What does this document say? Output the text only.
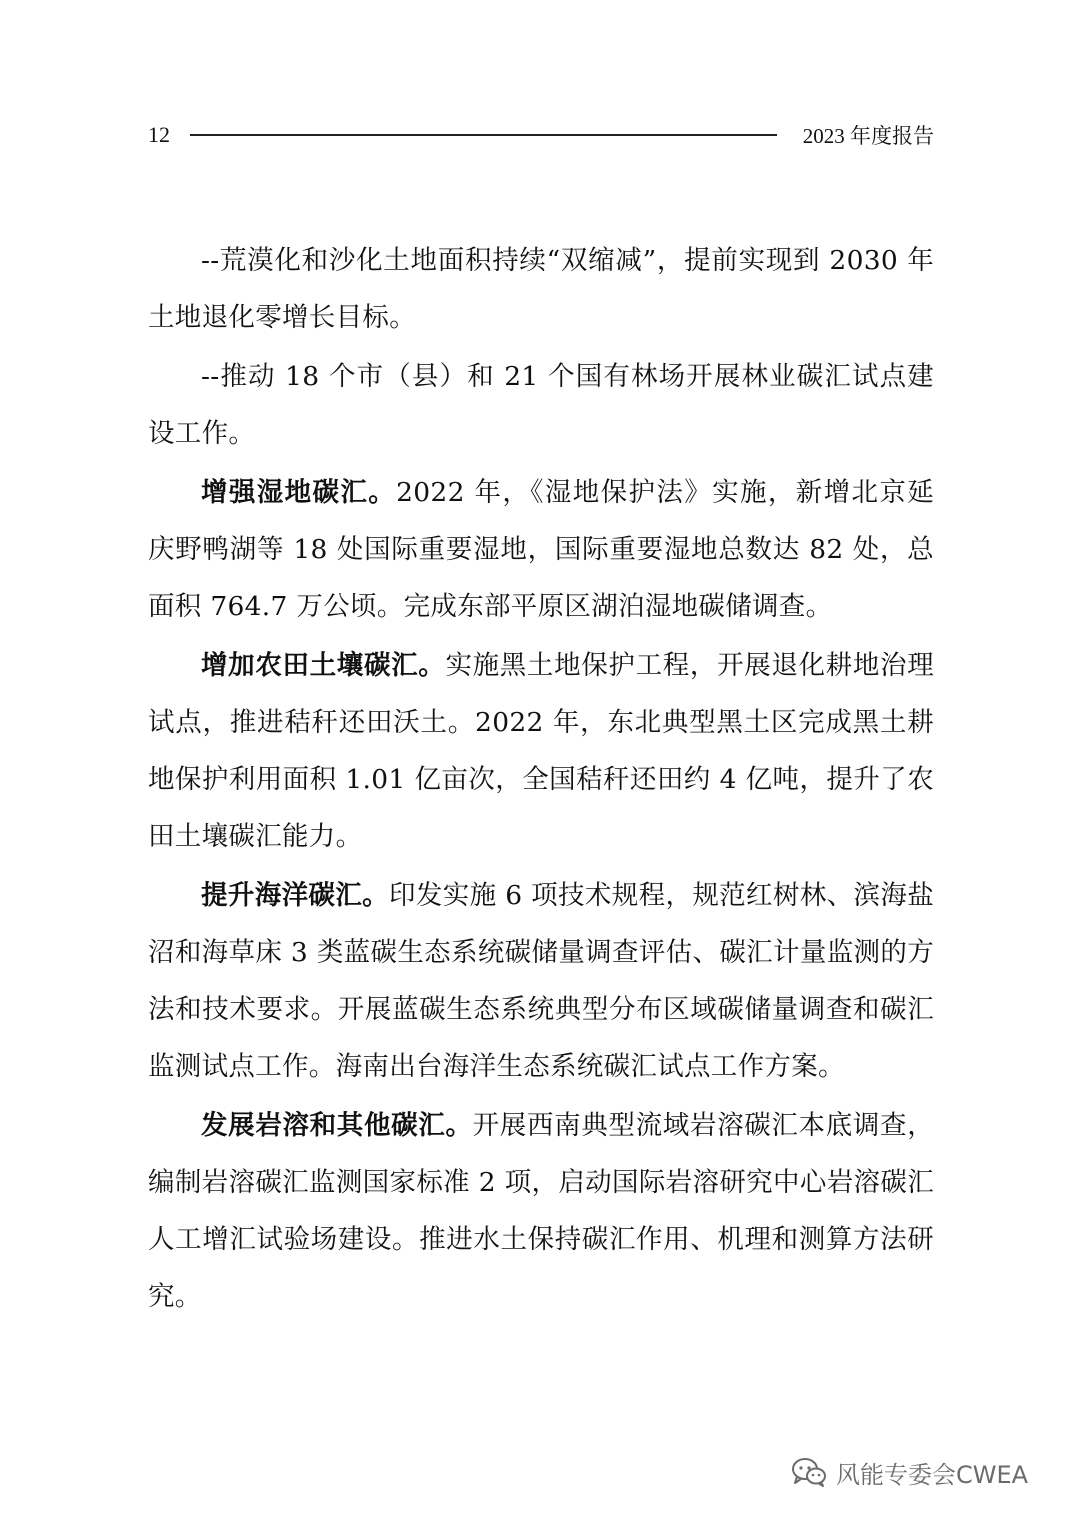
12	2023 年度报告

--荒漠化和沙化土地面积持续“双缩减”，提前实现到 2030 年土地退化零增长目标。

--推动 18 个市（县）和 21 个国有林场开展林业碳汇试点建设工作。

增强湿地碳汇。2022 年，《湿地保护法》实施，新增北京延庆野鸭湖等 18 处国际重要湿地，国际重要湿地总数达 82 处，总面积 764.7 万公顷。完成东部平原区湖泊湿地碳储调查。

增加农田土壤碳汇。实施黑土地保护工程，开展退化耕地治理试点，推进秸秆还田沃土。2022 年，东北典型黑土区完成黑土耕地保护利用面积 1.01 亿亩次，全国秸秆还田约 4 亿吨，提升了农田土壤碳汇能力。

提升海洋碳汇。印发实施 6 项技术规程，规范红树林、滨海盐沼和海草床 3 类蓝碳生态系统碳储量调查评估、碳汇计量监测的方法和技术要求。开展蓝碳生态系统典型分布区域碳储量调查和碳汇监测试点工作。海南出台海洋生态系统碳汇试点工作方案。

发展岩溶和其他碳汇。开展西南典型流域岩溶碳汇本底调查，编制岩溶碳汇监测国家标准 2 项，启动国际岩溶研究中心岩溶碳汇人工增汇试验场建设。推进水土保持碳汇作用、机理和测算方法研究。

风能专委会CWEA
